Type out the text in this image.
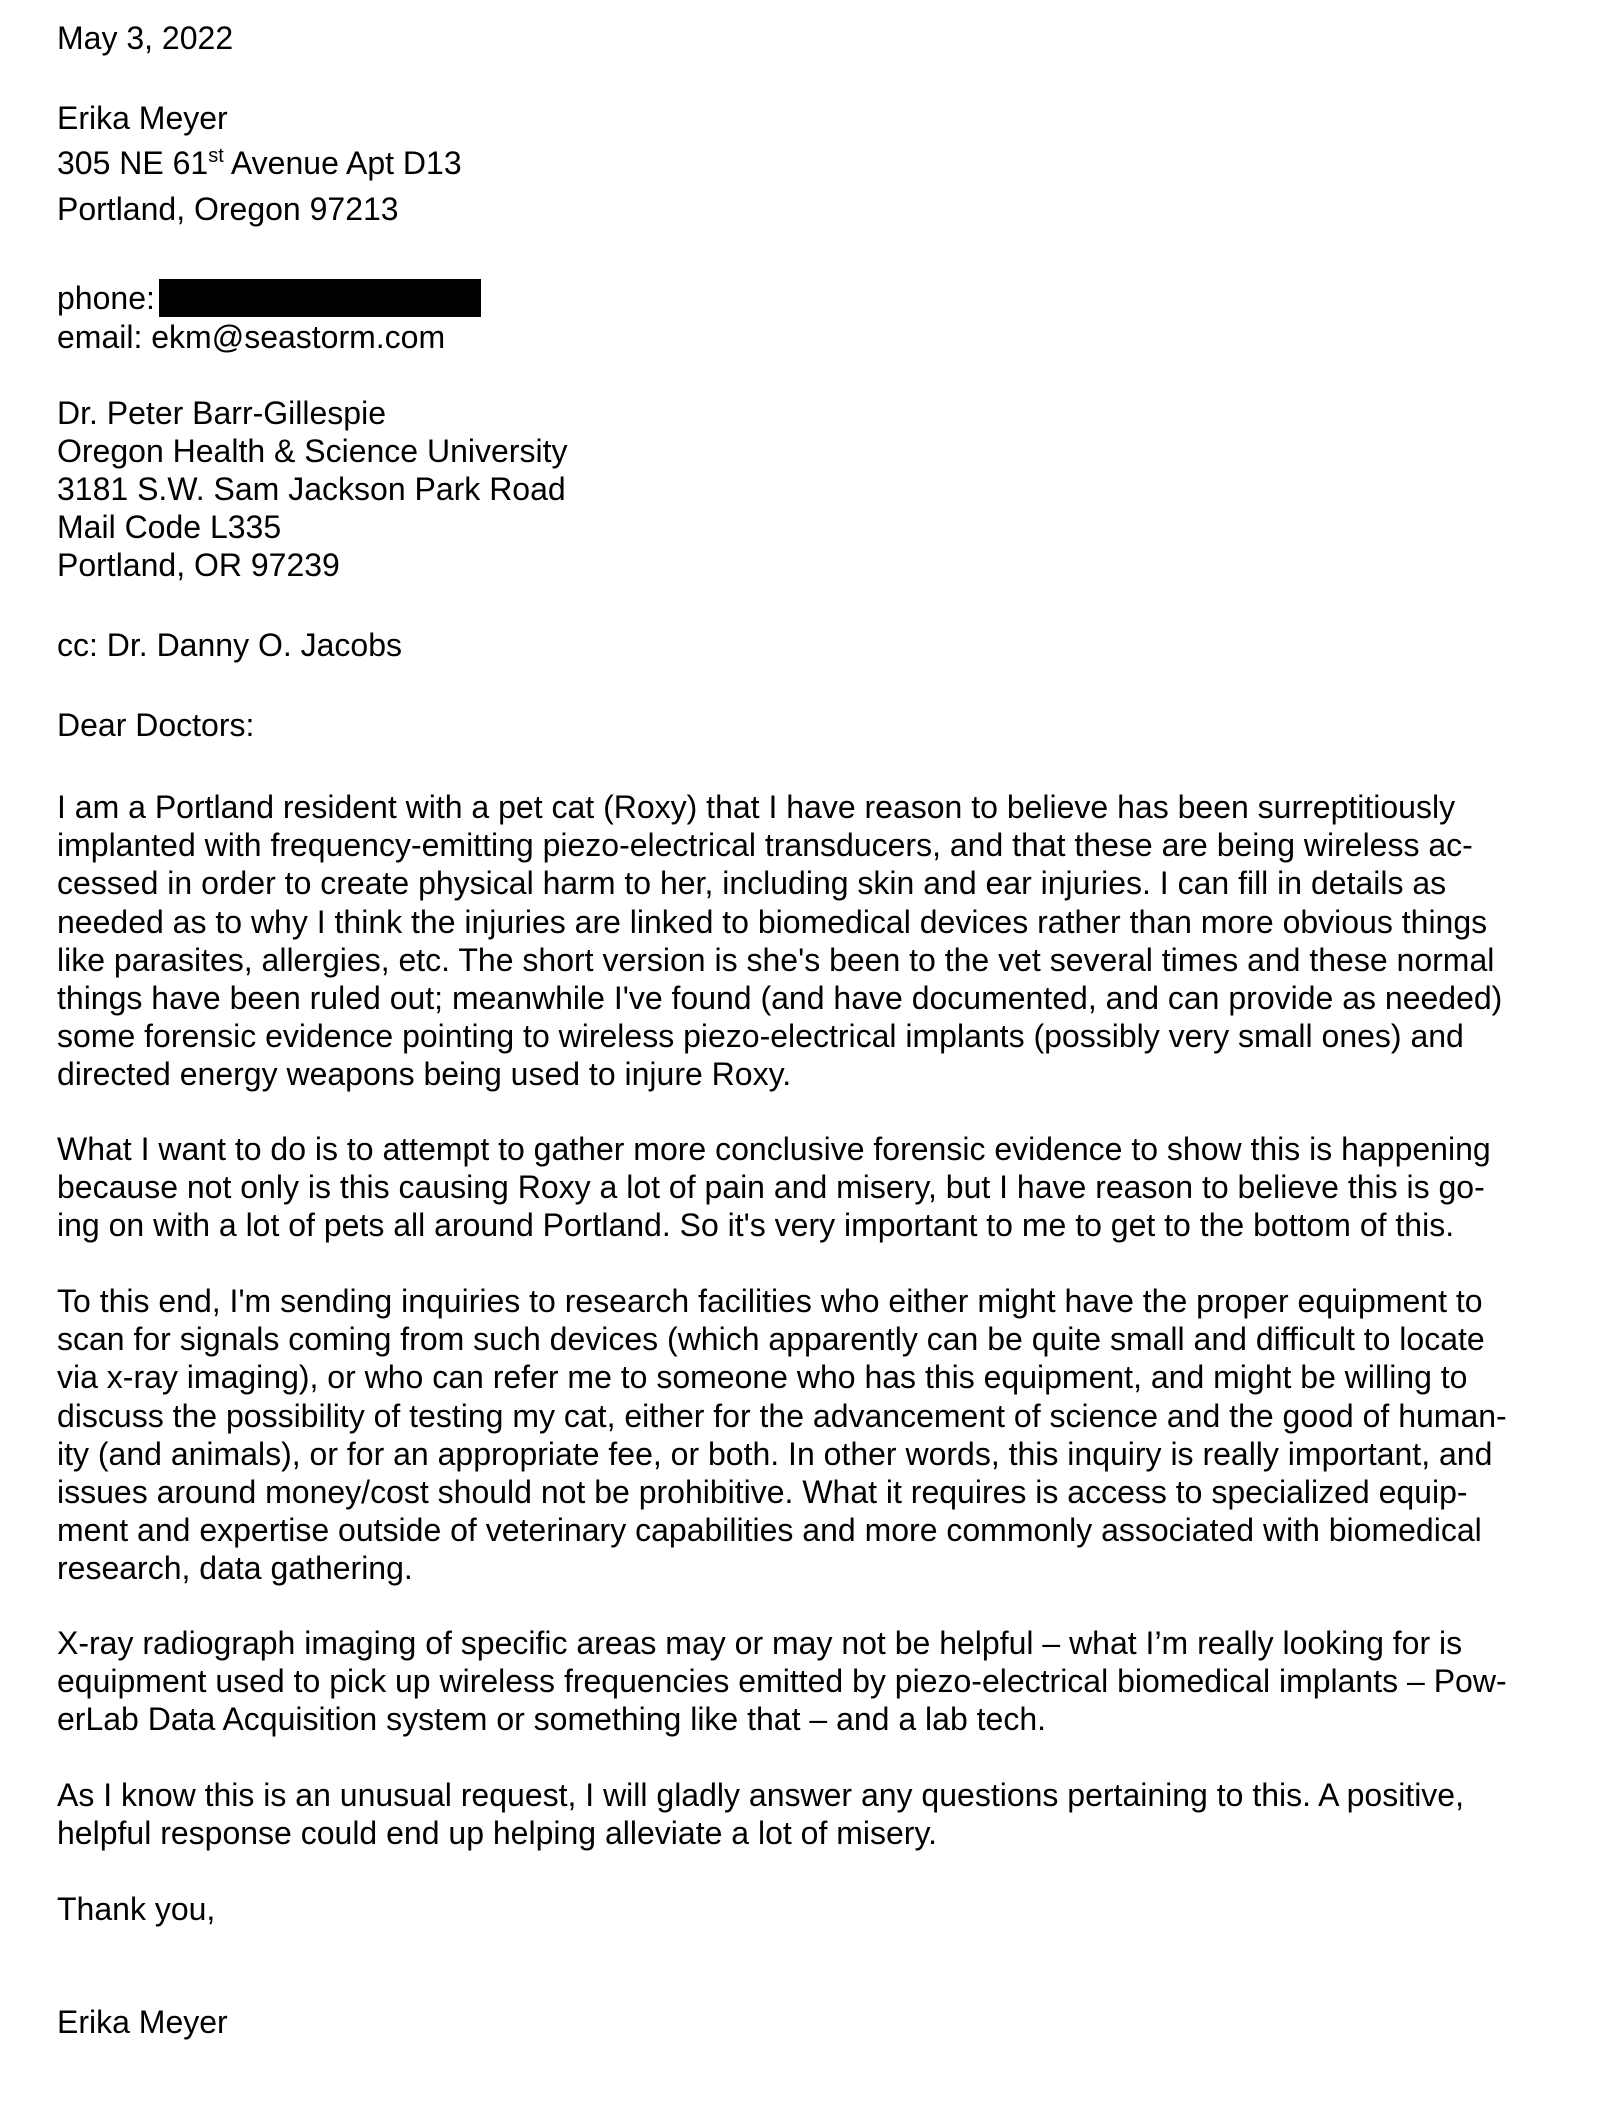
May 3, 2022

Erika Meyer

305 NE 61st Avenue Apt D13

Portland, Oregon 97213

phone:

email: ekm@seastorm.com

Dr. Peter Barr-Gillespie

Oregon Health & Science University

3181 S.W. Sam Jackson Park Road

Mail Code L335

Portland, OR 97239

cc: Dr. Danny O. Jacobs

Dear Doctors:

I am a Portland resident with a pet cat (Roxy) that I have reason to believe has been surreptitiously
implanted with frequency-emitting piezo-electrical transducers, and that these are being wireless ac-
cessed in order to create physical harm to her, including skin and ear injuries. I can fill in details as
needed as to why I think the injuries are linked to biomedical devices rather than more obvious things
like parasites, allergies, etc. The short version is she's been to the vet several times and these normal
things have been ruled out; meanwhile I've found (and have documented, and can provide as needed)
some forensic evidence pointing to wireless piezo-electrical implants (possibly very small ones) and
directed energy weapons being used to injure Roxy.
What I want to do is to attempt to gather more conclusive forensic evidence to show this is happening
because not only is this causing Roxy a lot of pain and misery, but I have reason to believe this is go-
ing on with a lot of pets all around Portland. So it's very important to me to get to the bottom of this.
To this end, I'm sending inquiries to research facilities who either might have the proper equipment to
scan for signals coming from such devices (which apparently can be quite small and difficult to locate
via x-ray imaging), or who can refer me to someone who has this equipment, and might be willing to
discuss the possibility of testing my cat, either for the advancement of science and the good of human-
ity (and animals), or for an appropriate fee, or both. In other words, this inquiry is really important, and
issues around money/cost should not be prohibitive. What it requires is access to specialized equip-
ment and expertise outside of veterinary capabilities and more commonly associated with biomedical
research, data gathering.
X-ray radiograph imaging of specific areas may or may not be helpful – what I’m really looking for is
equipment used to pick up wireless frequencies emitted by piezo-electrical biomedical implants – Pow-
erLab Data Acquisition system or something like that – and a lab tech.
As I know this is an unusual request, I will gladly answer any questions pertaining to this. A positive,
helpful response could end up helping alleviate a lot of misery.

Thank you,

Erika Meyer
